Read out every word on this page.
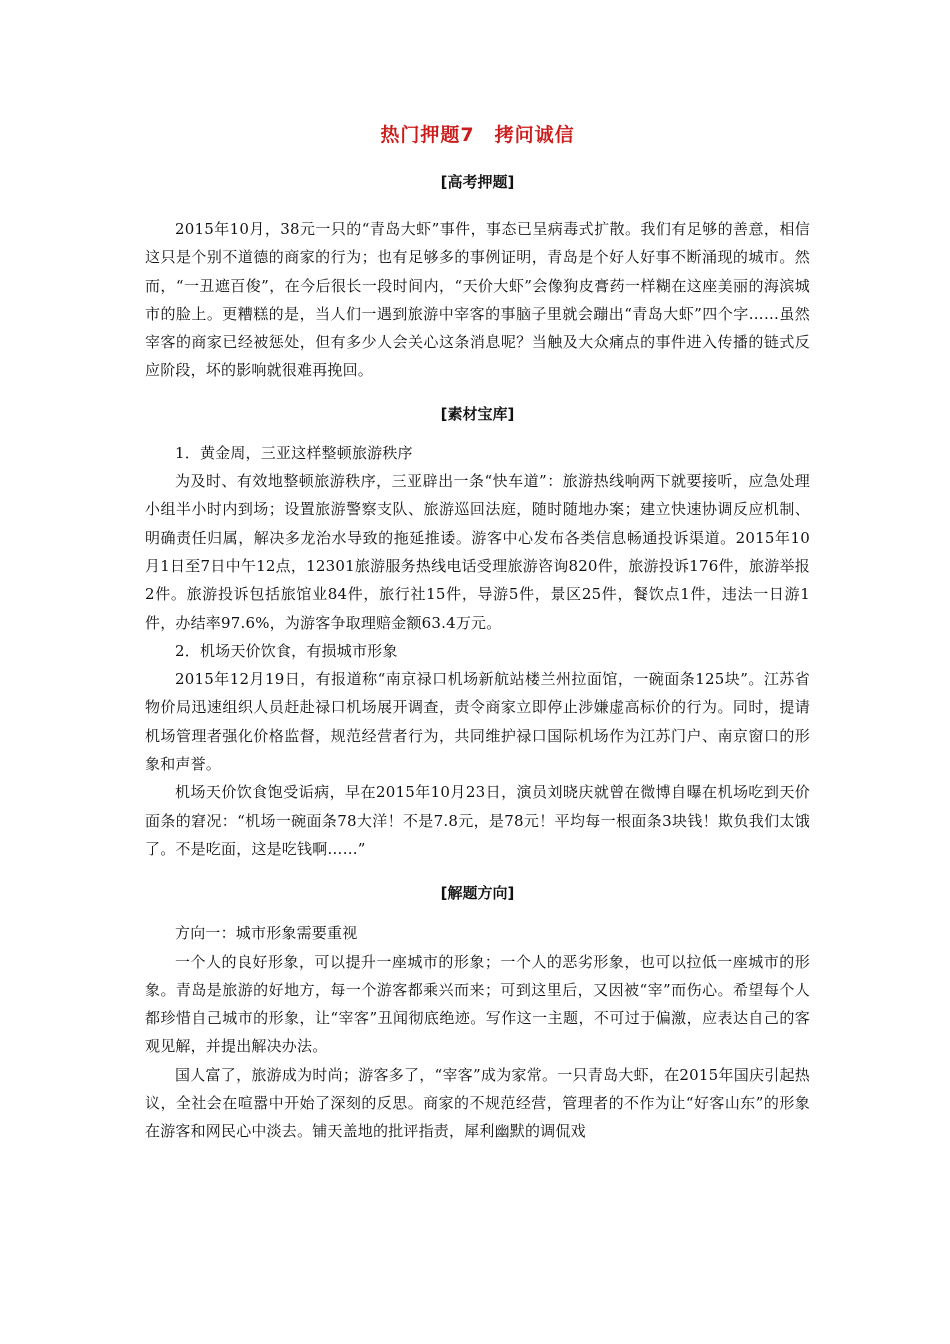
热门押题7　拷问诚信
[高考押题]

2015年10月，38元一只的“青岛大虾”事件，事态已呈病毒式扩散。我们有足够的善意，相信这只是个别不道德的商家的行为；也有足够多的事例证明，青岛是个好人好事不断涌现的城市。然而，“一丑遮百俊”，在今后很长一段时间内，“天价大虾”会像狗皮膏药一样糊在这座美丽的海滨城市的脸上。更糟糕的是，当人们一遇到旅游中宰客的事脑子里就会蹦出“青岛大虾”四个字……虽然宰客的商家已经被惩处，但有多少人会关心这条消息呢？当触及大众痛点的事件进入传播的链式反应阶段，坏的影响就很难再挽回。

[素材宝库]

1．黄金周，三亚这样整顿旅游秩序

为及时、有效地整顿旅游秩序，三亚辟出一条“快车道”：旅游热线响两下就要接听，应急处理小组半小时内到场；设置旅游警察支队、旅游巡回法庭，随时随地办案；建立快速协调反应机制、明确责任归属，解决多龙治水导致的拖延推诿。游客中心发布各类信息畅通投诉渠道。2015年10月1日至7日中午12点，12301旅游服务热线电话受理旅游咨询820件，旅游投诉176件，旅游举报2件。旅游投诉包括旅馆业84件，旅行社15件，导游5件，景区25件，餐饮点1件，违法一日游1件，办结率97.6%，为游客争取理赔金额63.4万元。

2．机场天价饮食，有损城市形象

2015年12月19日，有报道称“南京禄口机场新航站楼兰州拉面馆，一碗面条125块”。江苏省物价局迅速组织人员赶赴禄口机场展开调查，责令商家立即停止涉嫌虚高标价的行为。同时，提请机场管理者强化价格监督，规范经营者行为，共同维护禄口国际机场作为江苏门户、南京窗口的形象和声誉。

机场天价饮食饱受诟病，早在2015年10月23日，演员刘晓庆就曾在微博自曝在机场吃到天价面条的窘况：“机场一碗面条78大洋！不是7.8元，是78元！平均每一根面条3块钱！欺负我们太饿了。不是吃面，这是吃钱啊……”

[解题方向]

方向一：城市形象需要重视

一个人的良好形象，可以提升一座城市的形象；一个人的恶劣形象，也可以拉低一座城市的形象。青岛是旅游的好地方，每一个游客都乘兴而来；可到这里后，又因被“宰”而伤心。希望每个人都珍惜自己城市的形象，让“宰客”丑闻彻底绝迹。写作这一主题，不可过于偏激，应表达自己的客观见解，并提出解决办法。

国人富了，旅游成为时尚；游客多了，“宰客”成为家常。一只青岛大虾，在2015年国庆引起热议，全社会在喧嚣中开始了深刻的反思。商家的不规范经营，管理者的不作为让“好客山东”的形象在游客和网民心中淡去。铺天盖地的批评指责，犀利幽默的调侃戏
